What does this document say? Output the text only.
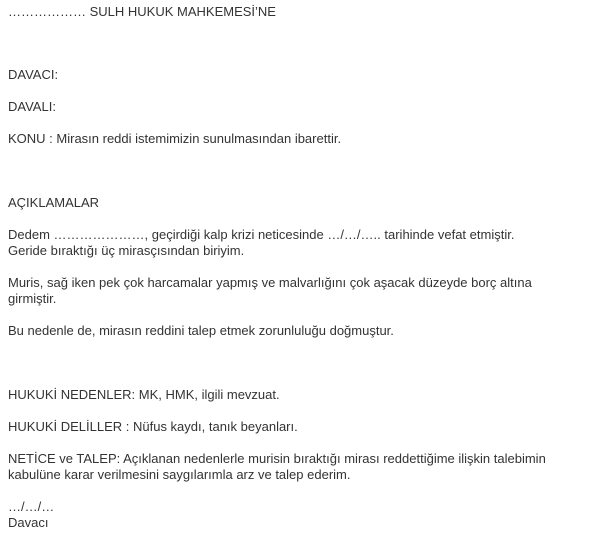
……………… SULH HUKUK MAHKEMESİ’NE
DAVACI:
DAVALI:
KONU : Mirasın reddi istemimizin sunulmasından ibarettir.
AÇIKLAMALAR
Dedem …………………, geçirdiği kalp krizi neticesinde …/…/….. tarihinde vefat etmiştir.
Geride bıraktığı üç mirasçısından biriyim.
Muris, sağ iken pek çok harcamalar yapmış ve malvarlığını çok aşacak düzeyde borç altına
girmiştir.
Bu nedenle de, mirasın reddini talep etmek zorunluluğu doğmuştur.
HUKUKİ NEDENLER: MK, HMK, ilgili mevzuat.
HUKUKİ DELİLLER : Nüfus kaydı, tanık beyanları.
NETİCE ve TALEP: Açıklanan nedenlerle murisin bıraktığı mirası reddettiğime ilişkin talebimin
kabulüne karar verilmesini saygılarımla arz ve talep ederim.
…/…/…
Davacı
